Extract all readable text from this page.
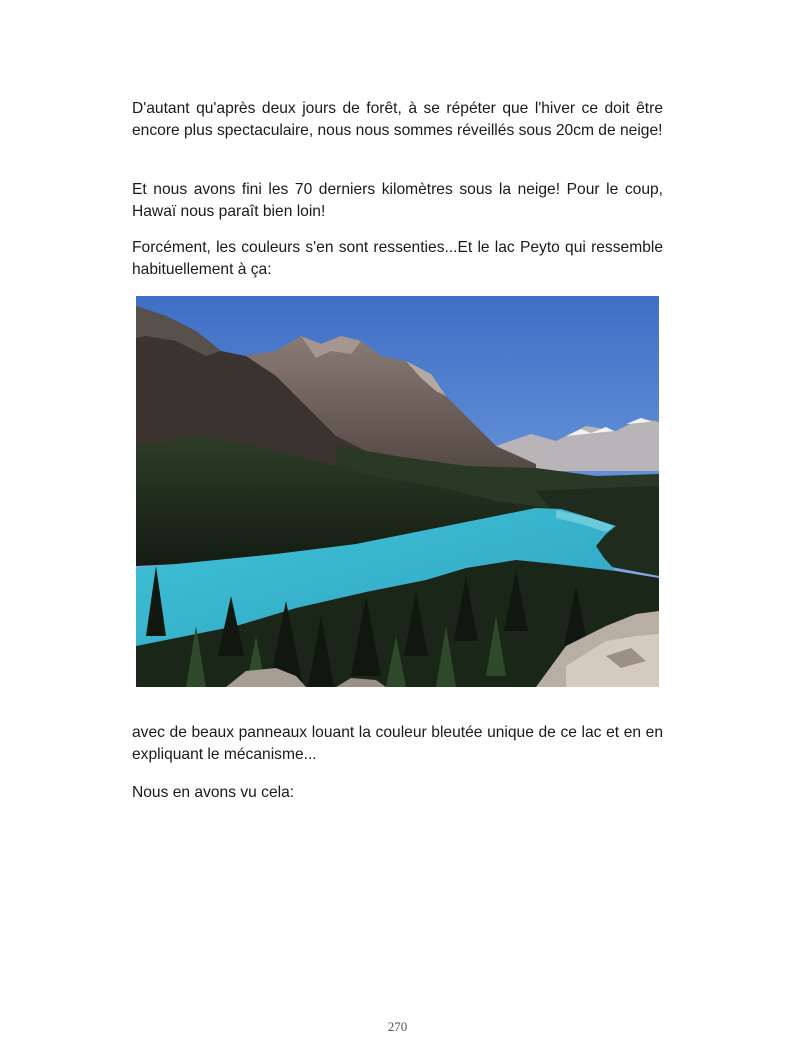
D'autant qu'après deux jours de forêt, à se répéter que l'hiver ce doit être encore plus spectaculaire, nous nous sommes réveillés sous 20cm de neige!

Et nous avons fini les 70 derniers kilomètres sous la neige! Pour le coup, Hawaï nous paraît bien loin!

Forcément, les couleurs s'en sont ressenties...Et le lac Peyto qui ressemble habituellement à ça:

avec de beaux panneaux louant la couleur bleutée unique de ce lac et en en expliquant le mécanisme...

Nous en avons vu cela:

270
